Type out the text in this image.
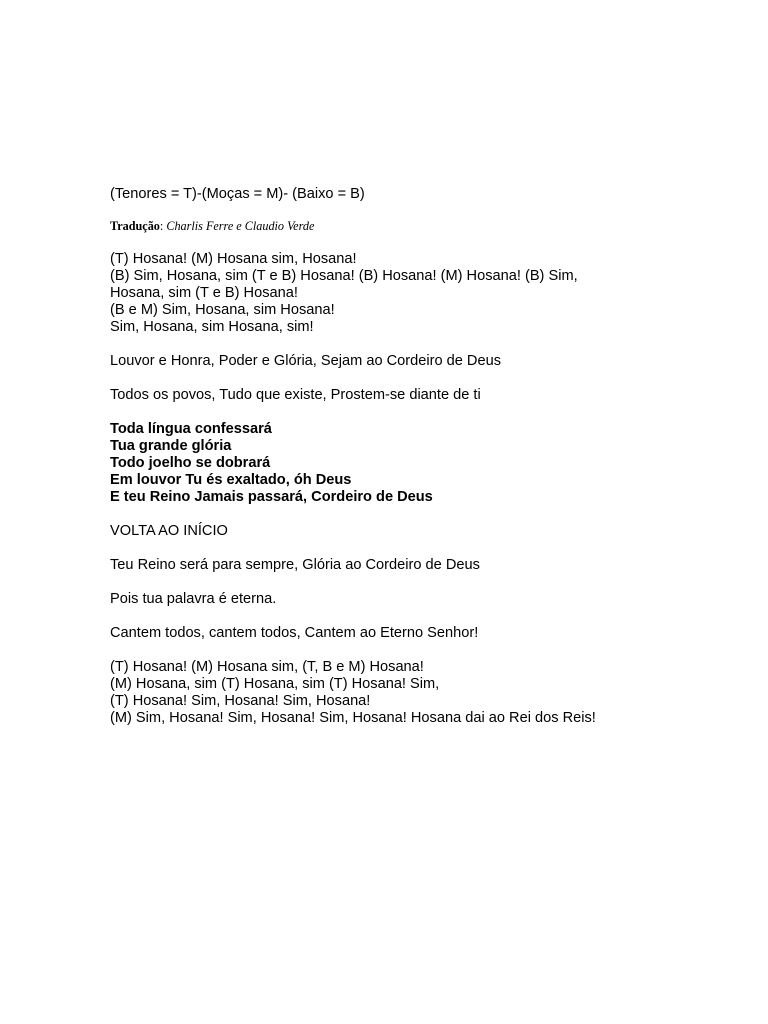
(Tenores = T)-(Moças = M)- (Baixo = B)

Tradução: Charlis Ferre e Claudio Verde

(T) Hosana! (M) Hosana sim, Hosana!
(B) Sim, Hosana, sim (T e B) Hosana! (B) Hosana! (M) Hosana! (B) Sim,
Hosana, sim (T e B) Hosana!
(B e M) Sim, Hosana, sim Hosana!
Sim, Hosana, sim Hosana, sim!

Louvor e Honra, Poder e Glória, Sejam ao Cordeiro de Deus

Todos os povos, Tudo que existe, Prostem-se diante de ti

Toda língua confessará
Tua grande glória
Todo joelho se dobrará
Em louvor Tu és exaltado, óh Deus
E teu Reino Jamais passará, Cordeiro de Deus

VOLTA AO INÍCIO

Teu Reino será para sempre, Glória ao Cordeiro de Deus

Pois tua palavra é eterna.

Cantem todos, cantem todos, Cantem ao Eterno Senhor!

(T) Hosana! (M) Hosana sim, (T, B e M) Hosana!
(M) Hosana, sim (T) Hosana, sim (T) Hosana! Sim,
(T) Hosana! Sim, Hosana! Sim, Hosana!
(M) Sim, Hosana! Sim, Hosana! Sim, Hosana! Hosana dai ao Rei dos Reis!
